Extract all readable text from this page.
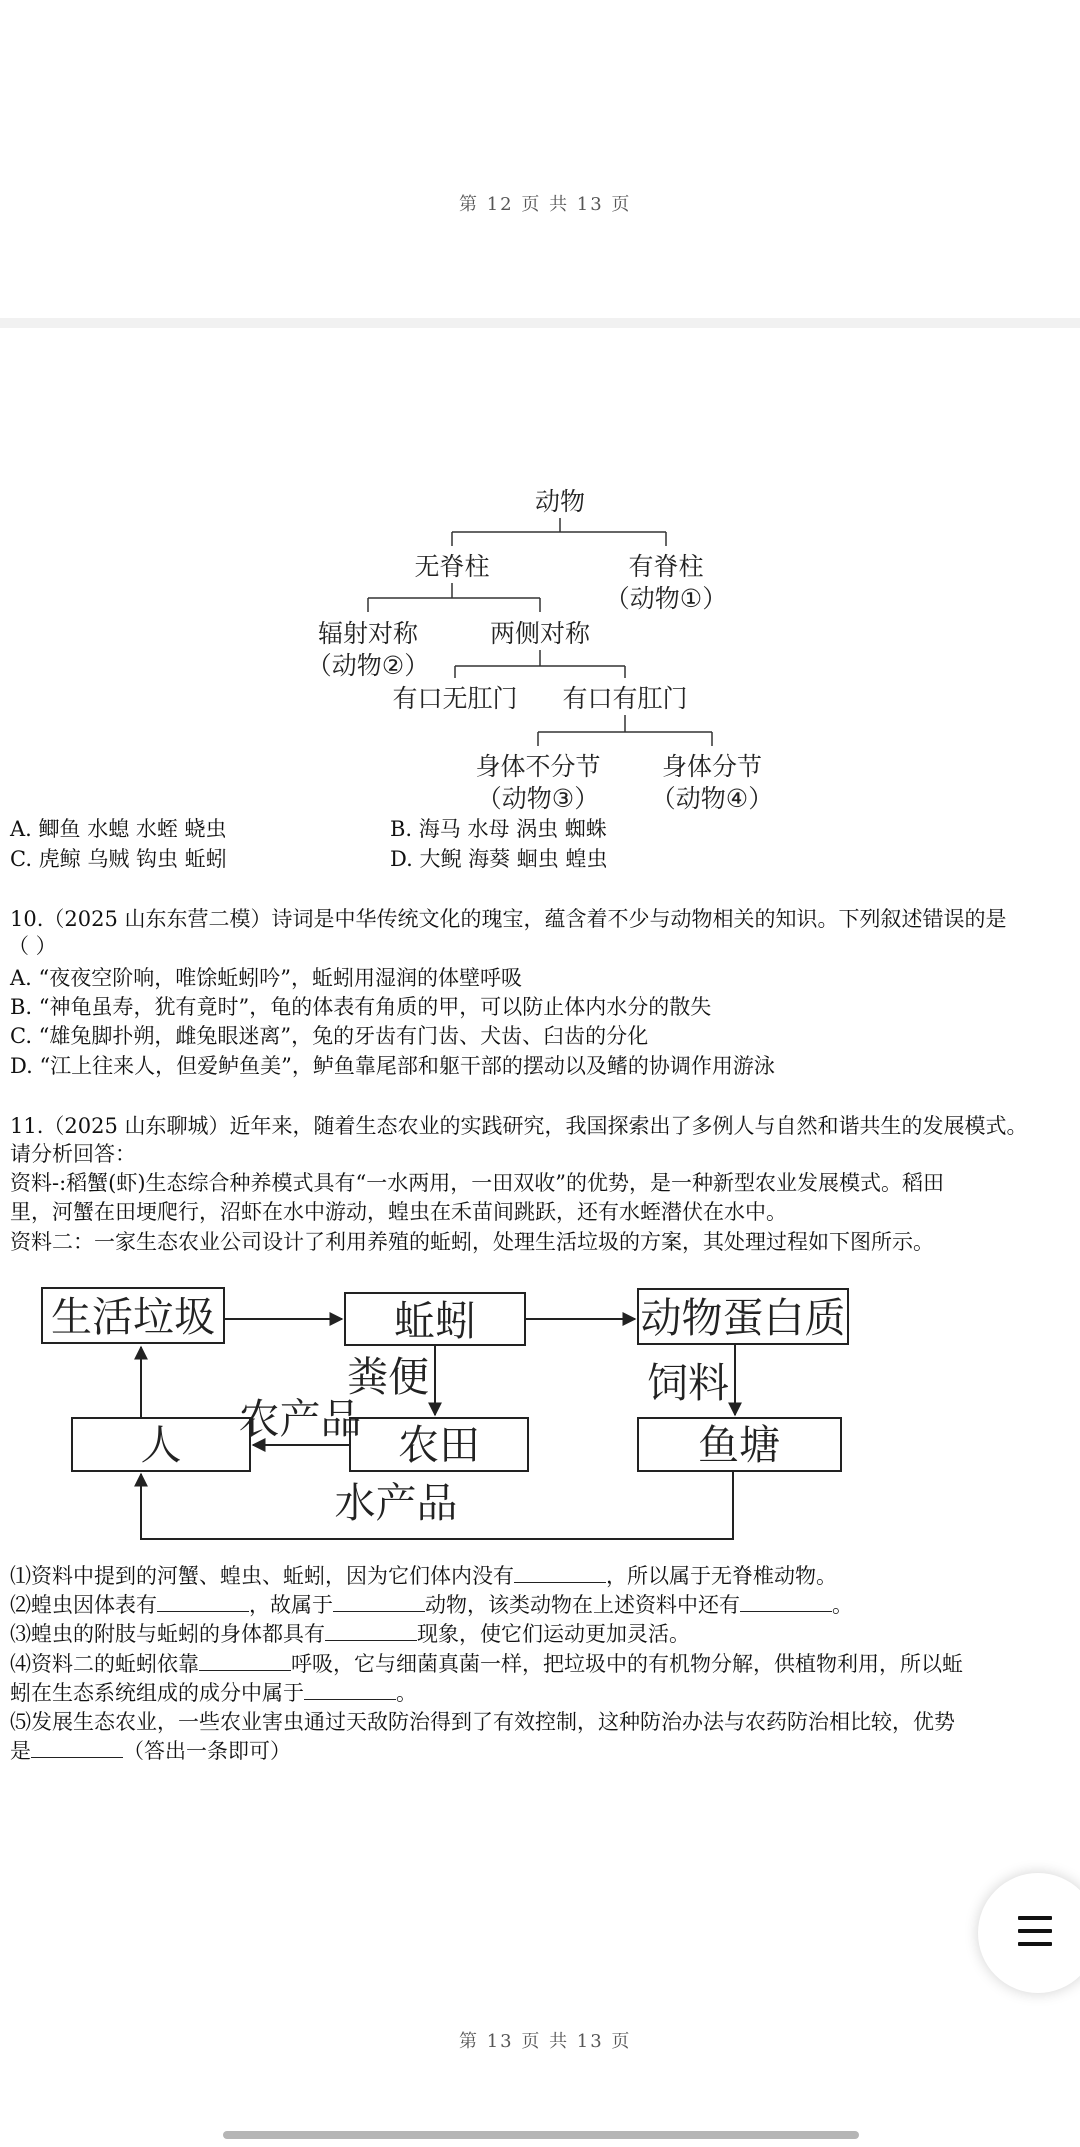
第 12 页 共 13 页
动物
无脊柱	有脊柱
（动物①）
辐射对称
（动物②）
两侧对称
有口无肛门 有口有肛门
身体不分节
（动物③）
身体分节
（动物④）
A. 鲫鱼 水螅 水蛭 蛲虫	B. 海马 水母 涡虫 蜘蛛
C. 虎鲸 乌贼 钩虫 蚯蚓	D. 大鲵 海葵 蛔虫 蝗虫
10.（2025 山东东营二模）诗词是中华传统文化的瑰宝，蕴含着不少与动物相关的知识。下列叙述错误的是
（ ）
A. “夜夜空阶响，唯馀蚯蚓吟”，蚯蚓用湿润的体壁呼吸
B. “神龟虽寿，犹有竟时”，龟的体表有角质的甲，可以防止体内水分的散失
C. “雄兔脚扑朔，雌兔眼迷离”，兔的牙齿有门齿、犬齿、臼齿的分化
D. “江上往来人，但爱鲈鱼美”，鲈鱼靠尾部和躯干部的摆动以及鳍的协调作用游泳
11.（2025 山东聊城）近年来，随着生态农业的实践研究，我国探索出了多例人与自然和谐共生的发展模式。
请分析回答：
资料-:稻蟹(虾)生态综合种养模式具有“一水两用，一田双收”的优势，是一种新型农业发展模式。稻田
里，河蟹在田埂爬行，沼虾在水中游动，蝗虫在禾苗间跳跃，还有水蛭潜伏在水中。
资料二：一家生态农业公司设计了利用养殖的蚯蚓，处理生活垃圾的方案，其处理过程如下图所示。
生活垃圾	蚯蚓	动物蛋白质
人	农田	鱼塘
粪便	饲料
农产品
水产品
⑴资料中提到的河蟹、蝗虫、蚯蚓，因为它们体内没有	，所以属于无脊椎动物。
⑵蝗虫因体表有	，故属于	动物，该类动物在上述资料中还有	。
⑶蝗虫的附肢与蚯蚓的身体都具有	现象，使它们运动更加灵活。
⑷资料二的蚯蚓依靠	呼吸，它与细菌真菌一样，把垃圾中的有机物分解，供植物利用，所以蚯
蚓在生态系统组成的成分中属于	。
⑸发展生态农业，一些农业害虫通过天敌防治得到了有效控制，这种防治办法与农药防治相比较，优势
是	（答出一条即可）
第 13 页 共 13 页
